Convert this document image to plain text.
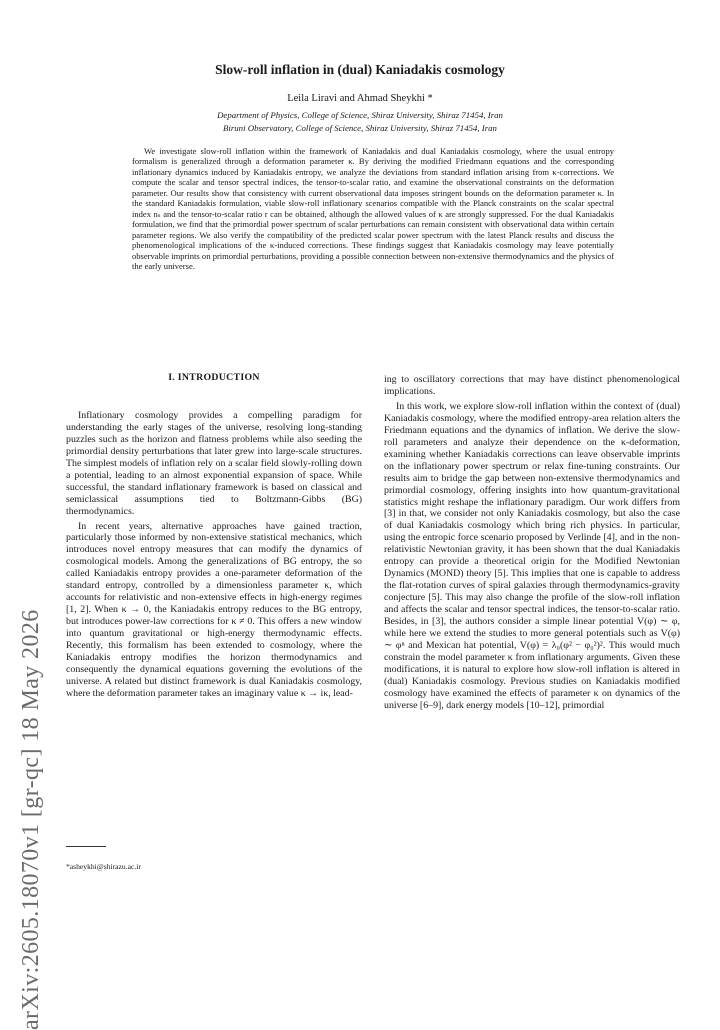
arXiv:2605.18070v1 [gr-qc] 18 May 2026
Slow-roll inflation in (dual) Kaniadakis cosmology
Leila Liravi and Ahmad Sheykhi *
Department of Physics, College of Science, Shiraz University, Shiraz 71454, Iran
Biruni Observatory, College of Science, Shiraz University, Shiraz 71454, Iran

We investigate slow-roll inflation within the framework of Kaniadakis and dual Kaniadakis cosmology, where the usual entropy formalism is generalized through a deformation parameter κ. By deriving the modified Friedmann equations and the corresponding inflationary dynamics induced by Kaniadakis entropy, we analyze the deviations from standard inflation arising from κ-corrections. We compute the scalar and tensor spectral indices, the tensor-to-scalar ratio, and examine the observational constraints on the deformation parameter. Our results show that consistency with current observational data imposes stringent bounds on the deformation parameter κ. In the standard Kaniadakis formulation, viable slow-roll inflationary scenarios compatible with the Planck constraints on the scalar spectral index nₛ and the tensor-to-scalar ratio r can be obtained, although the allowed values of κ are strongly suppressed. For the dual Kaniadakis formulation, we find that the primordial power spectrum of scalar perturbations can remain consistent with observational data within certain parameter regions. We also verify the compatibility of the predicted scalar power spectrum with the latest Planck results and discuss the phenomenological implications of the κ-induced corrections. These findings suggest that Kaniadakis cosmology may leave potentially observable imprints on primordial perturbations, providing a possible connection between non-extensive thermodynamics and the physics of the early universe.

I. INTRODUCTION

Inflationary cosmology provides a compelling paradigm for understanding the early stages of the universe, resolving long-standing puzzles such as the horizon and flatness problems while also seeding the primordial density perturbations that later grew into large-scale structures. The simplest models of inflation rely on a scalar field slowly-rolling down a potential, leading to an almost exponential expansion of space. While successful, the standard inflationary framework is based on classical and semiclassical assumptions tied to Boltzmann-Gibbs (BG) thermodynamics.

In recent years, alternative approaches have gained traction, particularly those informed by non-extensive statistical mechanics, which introduces novel entropy measures that can modify the dynamics of cosmological models. Among the generalizations of BG entropy, the so called Kaniadakis entropy provides a one-parameter deformation of the standard entropy, controlled by a dimensionless parameter κ, which accounts for relativistic and non-extensive effects in high-energy regimes [1, 2]. When κ → 0, the Kaniadakis entropy reduces to the BG entropy, but introduces power-law corrections for κ ≠ 0. This offers a new window into quantum gravitational or high-energy thermodynamic effects. Recently, this formalism has been extended to cosmology, where the Kaniadakis entropy modifies the horizon thermodynamics and consequently the dynamical equations governing the evolutions of the universe. A related but distinct framework is dual Kaniadakis cosmology, where the deformation parameter takes an imaginary value κ → iκ, lead-

ing to oscillatory corrections that may have distinct phenomenological implications.

In this work, we explore slow-roll inflation within the context of (dual) Kaniadakis cosmology, where the modified entropy-area relation alters the Friedmann equations and the dynamics of inflation. We derive the slow-roll parameters and analyze their dependence on the κ-deformation, examining whether Kaniadakis corrections can leave observable imprints on the inflationary power spectrum or relax fine-tuning constraints. Our results aim to bridge the gap between non-extensive thermodynamics and primordial cosmology, offering insights into how quantum-gravitational statistics might reshape the inflationary paradigm. Our work differs from [3] in that, we consider not only Kaniadakis cosmology, but also the case of dual Kaniadakis cosmology which bring rich physics. In particular, using the entropic force scenario proposed by Verlinde [4], and in the non-relativistic Newtonian gravity, it has been shown that the dual Kaniadakis entropy can provide a theoretical origin for the Modified Newtonian Dynamics (MOND) theory [5]. This implies that one is capable to address the flat-rotation curves of spiral galaxies through thermodynamics-gravity conjecture [5]. This may also change the profile of the slow-roll inflation and affects the scalar and tensor spectral indices, the tensor-to-scalar ratio. Besides, in [3], the authors consider a simple linear potential V(φ) ∼ φ, while here we extend the studies to more general potentials such as V(φ) ∼ φⁿ and Mexican hat potential, V(φ) = λ₀(φ² − φ₀²)². This would much constrain the model parameter κ from inflationary arguments. Given these modifications, it is natural to explore how slow-roll inflation is altered in (dual) Kaniadakis cosmology. Previous studies on Kaniadakis modified cosmology have examined the effects of parameter κ on dynamics of the universe [6–9], dark energy models [10–12], primordial

*asheykhi@shirazu.ac.ir
